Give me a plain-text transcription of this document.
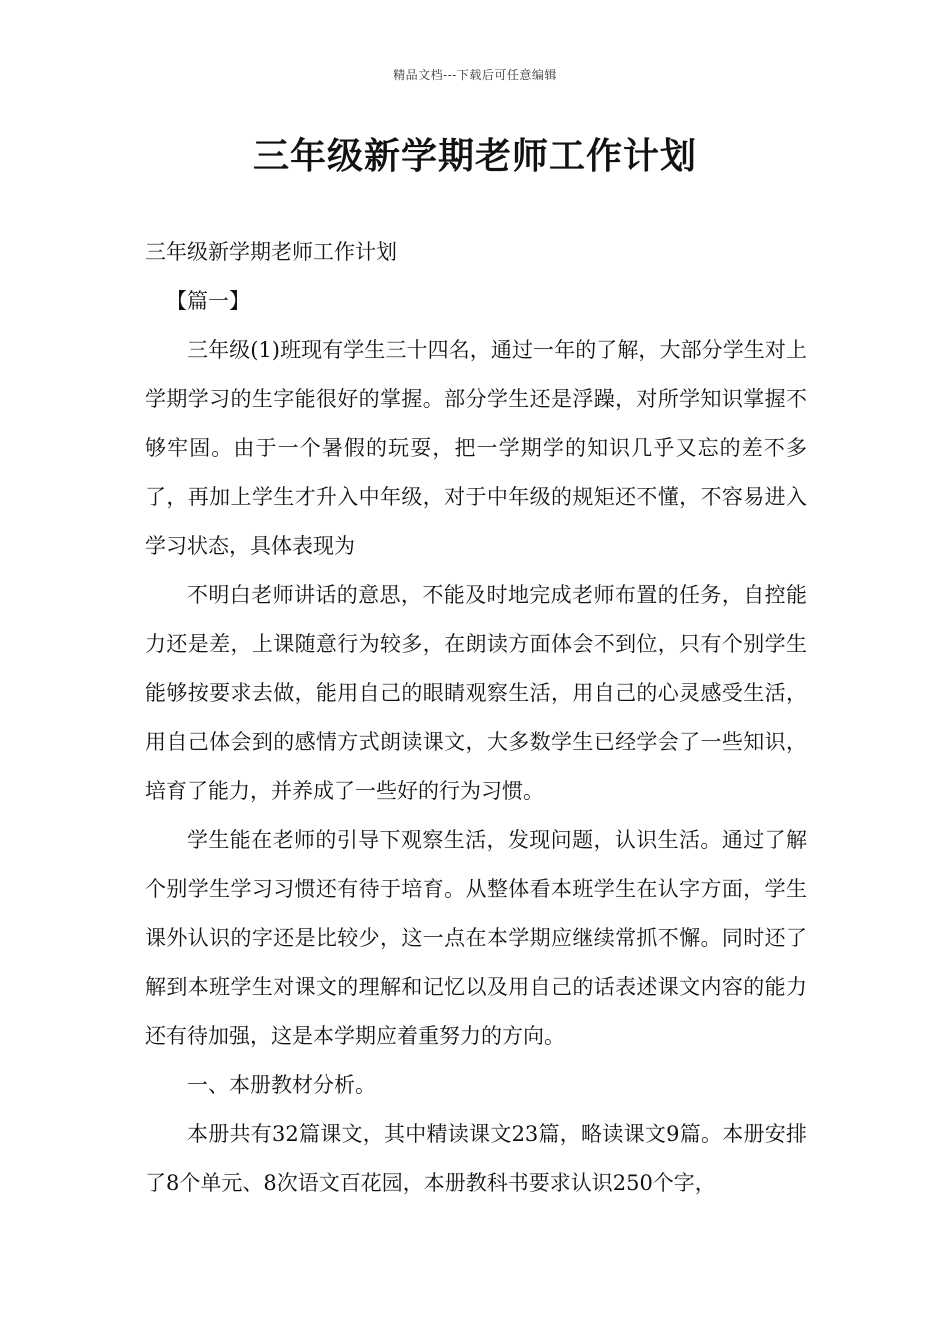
精品文档---下载后可任意编辑
三年级新学期老师工作计划

三年级新学期老师工作计划

【篇一】

三年级(1)班现有学生三十四名，通过一年的了解，大部分学生对上学期学习的生字能很好的掌握。部分学生还是浮躁，对所学知识掌握不够牢固。由于一个暑假的玩耍，把一学期学的知识几乎又忘的差不多了，再加上学生才升入中年级，对于中年级的规矩还不懂，不容易进入学习状态，具体表现为

不明白老师讲话的意思，不能及时地完成老师布置的任务，自控能力还是差，上课随意行为较多，在朗读方面体会不到位，只有个别学生能够按要求去做，能用自己的眼睛观察生活，用自己的心灵感受生活，用自己体会到的感情方式朗读课文，大多数学生已经学会了一些知识，培育了能力，并养成了一些好的行为习惯。

学生能在老师的引导下观察生活，发现问题，认识生活。通过了解个别学生学习习惯还有待于培育。从整体看本班学生在认字方面，学生课外认识的字还是比较少，这一点在本学期应继续常抓不懈。同时还了解到本班学生对课文的理解和记忆以及用自己的话表述课文内容的能力还有待加强，这是本学期应着重努力的方向。

一、本册教材分析。

本册共有32篇课文，其中精读课文23篇，略读课文9篇。本册安排了8个单元、8次语文百花园，本册教科书要求认识250个字，
